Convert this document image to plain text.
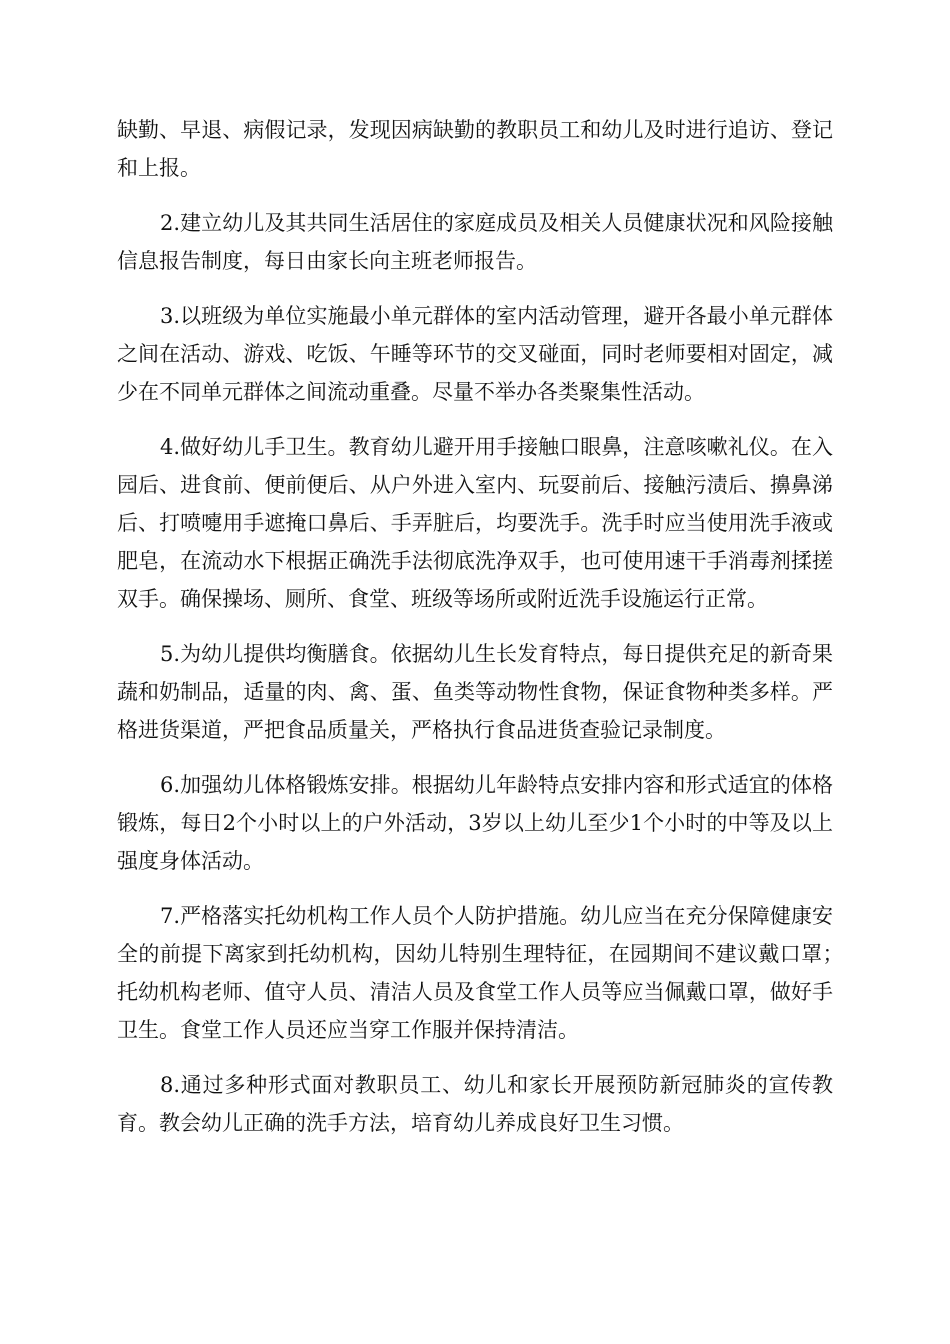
缺勤、早退、病假记录，发现因病缺勤的教职员工和幼儿及时进行追访、登记和上报。

2.建立幼儿及其共同生活居住的家庭成员及相关人员健康状况和风险接触信息报告制度，每日由家长向主班老师报告。

3.以班级为单位实施最小单元群体的室内活动管理，避开各最小单元群体之间在活动、游戏、吃饭、午睡等环节的交叉碰面，同时老师要相对固定，减少在不同单元群体之间流动重叠。尽量不举办各类聚集性活动。

4.做好幼儿手卫生。教育幼儿避开用手接触口眼鼻，注意咳嗽礼仪。在入园后、进食前、便前便后、从户外进入室内、玩耍前后、接触污渍后、擤鼻涕后、打喷嚏用手遮掩口鼻后、手弄脏后，均要洗手。洗手时应当使用洗手液或肥皂，在流动水下根据正确洗手法彻底洗净双手，也可使用速干手消毒剂揉搓双手。确保操场、厕所、食堂、班级等场所或附近洗手设施运行正常。

5.为幼儿提供均衡膳食。依据幼儿生长发育特点，每日提供充足的新奇果蔬和奶制品，适量的肉、禽、蛋、鱼类等动物性食物，保证食物种类多样。严格进货渠道，严把食品质量关，严格执行食品进货查验记录制度。

6.加强幼儿体格锻炼安排。根据幼儿年龄特点安排内容和形式适宜的体格锻炼，每日2个小时以上的户外活动，3岁以上幼儿至少1个小时的中等及以上强度身体活动。

7.严格落实托幼机构工作人员个人防护措施。幼儿应当在充分保障健康安全的前提下离家到托幼机构，因幼儿特别生理特征，在园期间不建议戴口罩；　托幼机构老师、值守人员、清洁人员及食堂工作人员等应当佩戴口罩，做好手卫生。食堂工作人员还应当穿工作服并保持清洁。

8.通过多种形式面对教职员工、幼儿和家长开展预防新冠肺炎的宣传教育。教会幼儿正确的洗手方法，培育幼儿养成良好卫生习惯。
